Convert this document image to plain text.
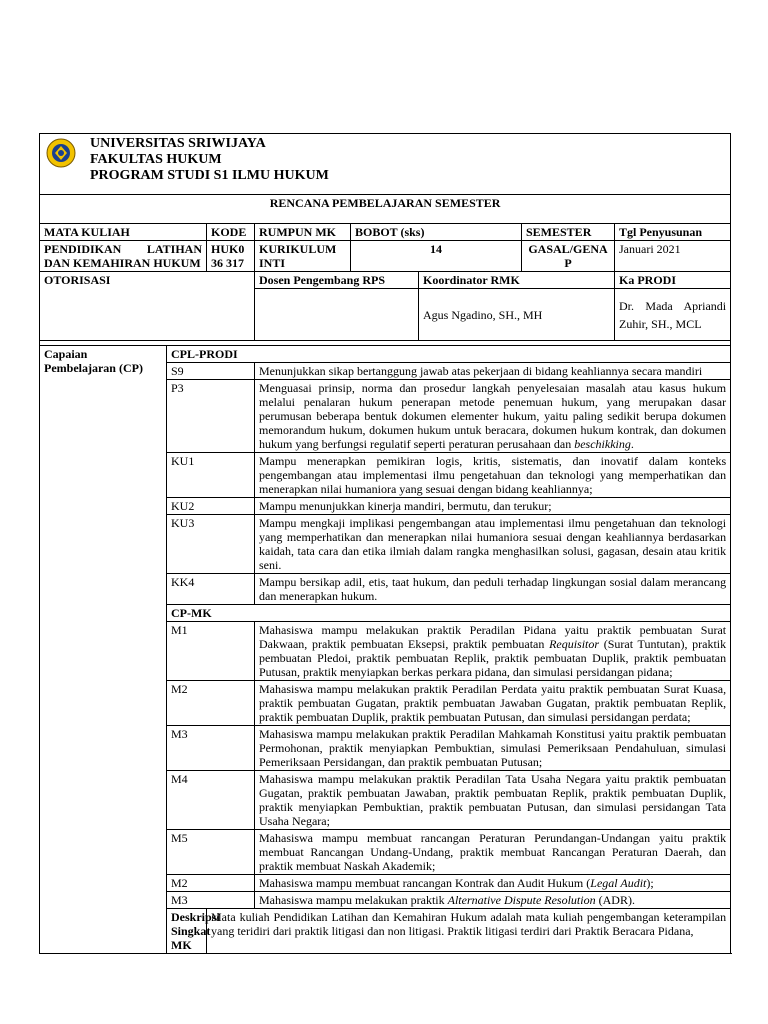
UNIVERSITAS SRIWIJAYA
FAKULTAS HUKUM
PROGRAM STUDI S1 ILMU HUKUM							

RENCANA PEMBELAJARAN SEMESTER							
MATA KULIAH		KODE	RUMPUN MK	BOBOT (sks)		SEMESTER	Tgl Penyusunan
PENDIDIKAN LATIHAN DAN KEMAHIRAN HUKUM		HUK036 317	KURIKULUM INTI	14		GASAL/GENAP	Januari 2021
OTORISASI			Dosen Pengembang RPS		Koordinator RMK		Ka PRODI
					Agus Ngadino, SH., MH		Dr. Mada Apriandi Zuhir, SH., MCL

Capaian Pembelajaran (CP)	CPL-PRODI						
	S9		Menunjukkan sikap bertanggung jawab atas pekerjaan di bidang keahliannya secara mandiri				
	P3		Menguasai prinsip, norma dan prosedur langkah penyelesaian masalah atau kasus hukum melalui penalaran hukum penerapan metode penemuan hukum, yang merupakan dasar perumusan beberapa bentuk dokumen elementer hukum, yaitu paling sedikit berupa dokumen memorandum hukum, dokumen hukum untuk beracara, dokumen hukum kontrak, dan dokumen hukum yang berfungsi regulatif seperti peraturan perusahaan dan beschikking.				
	KU1		Mampu menerapkan pemikiran logis, kritis, sistematis, dan inovatif dalam konteks pengembangan atau implementasi ilmu pengetahuan dan teknologi yang memperhatikan dan menerapkan nilai humaniora yang sesuai dengan bidang keahliannya;				
	KU2		Mampu menunjukkan kinerja mandiri, bermutu, dan terukur;				
	KU3		Mampu mengkaji implikasi pengembangan atau implementasi ilmu pengetahuan dan teknologi yang memperhatikan dan menerapkan nilai humaniora sesuai dengan keahliannya berdasarkan kaidah, tata cara dan etika ilmiah dalam rangka menghasilkan solusi, gagasan, desain atau kritik seni.				
	KK4		Mampu bersikap adil, etis, taat hukum, dan peduli terhadap lingkungan sosial dalam merancang dan menerapkan hukum.				
	CP-MK						
	M1		Mahasiswa mampu melakukan praktik Peradilan Pidana yaitu praktik pembuatan Surat Dakwaan, praktik pembuatan Eksepsi, praktik pembuatan Requisitor (Surat Tuntutan), praktik pembuatan Pledoi, praktik pembuatan Replik, praktik pembuatan Duplik, praktik pembuatan Putusan, praktik menyiapkan berkas perkara pidana, dan simulasi persidangan pidana;				
	M2		Mahasiswa mampu melakukan praktik Peradilan Perdata yaitu praktik pembuatan Surat Kuasa, praktik pembuatan Gugatan, praktik pembuatan Jawaban Gugatan, praktik pembuatan Replik, praktik pembuatan Duplik, praktik pembuatan Putusan, dan simulasi persidangan perdata;				
	M3		Mahasiswa mampu melakukan praktik Peradilan Mahkamah Konstitusi yaitu praktik pembuatan Permohonan, praktik menyiapkan Pembuktian, simulasi Pemeriksaan Pendahuluan, simulasi Pemeriksaan Persidangan, dan praktik pembuatan Putusan;				
	M4		Mahasiswa mampu melakukan praktik Peradilan Tata Usaha Negara yaitu praktik pembuatan Gugatan, praktik pembuatan Jawaban, praktik pembuatan Replik, praktik pembuatan Duplik, praktik menyiapkan Pembuktian, praktik pembuatan Putusan, dan simulasi persidangan Tata Usaha Negara;				
	M5		Mahasiswa mampu membuat rancangan Peraturan Perundangan-Undangan yaitu praktik membuat Rancangan Undang-Undang, praktik membuat Rancangan Peraturan Daerah, dan praktik membuat Naskah Akademik;				
	M2		Mahasiswa mampu membuat rancangan Kontrak dan Audit Hukum (Legal Audit);				
	M3		Mahasiswa mampu melakukan praktik Alternative Dispute Resolution (ADR).				
	Deskripsi Singkat MK	Mata kuliah Pendidikan Latihan dan Kemahiran Hukum adalah mata kuliah pengembangan keterampilan yang teridiri dari praktik litigasi dan non litigasi. Praktik litigasi terdiri dari Praktik Beracara Pidana,					
